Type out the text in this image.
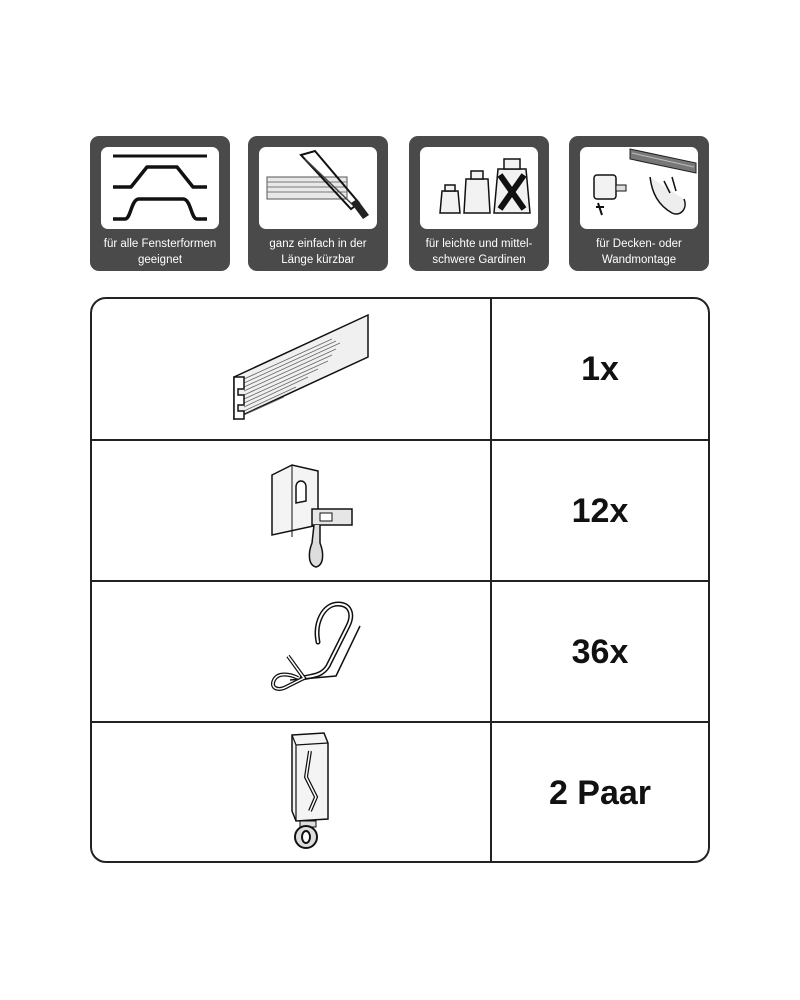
für alle Fensterformen
geeignet
ganz einfach in der
Länge kürzbar
für leichte und mittel-
schwere Gardinen
für Decken- oder
Wandmontage
1x
12x
36x
2 Paar
